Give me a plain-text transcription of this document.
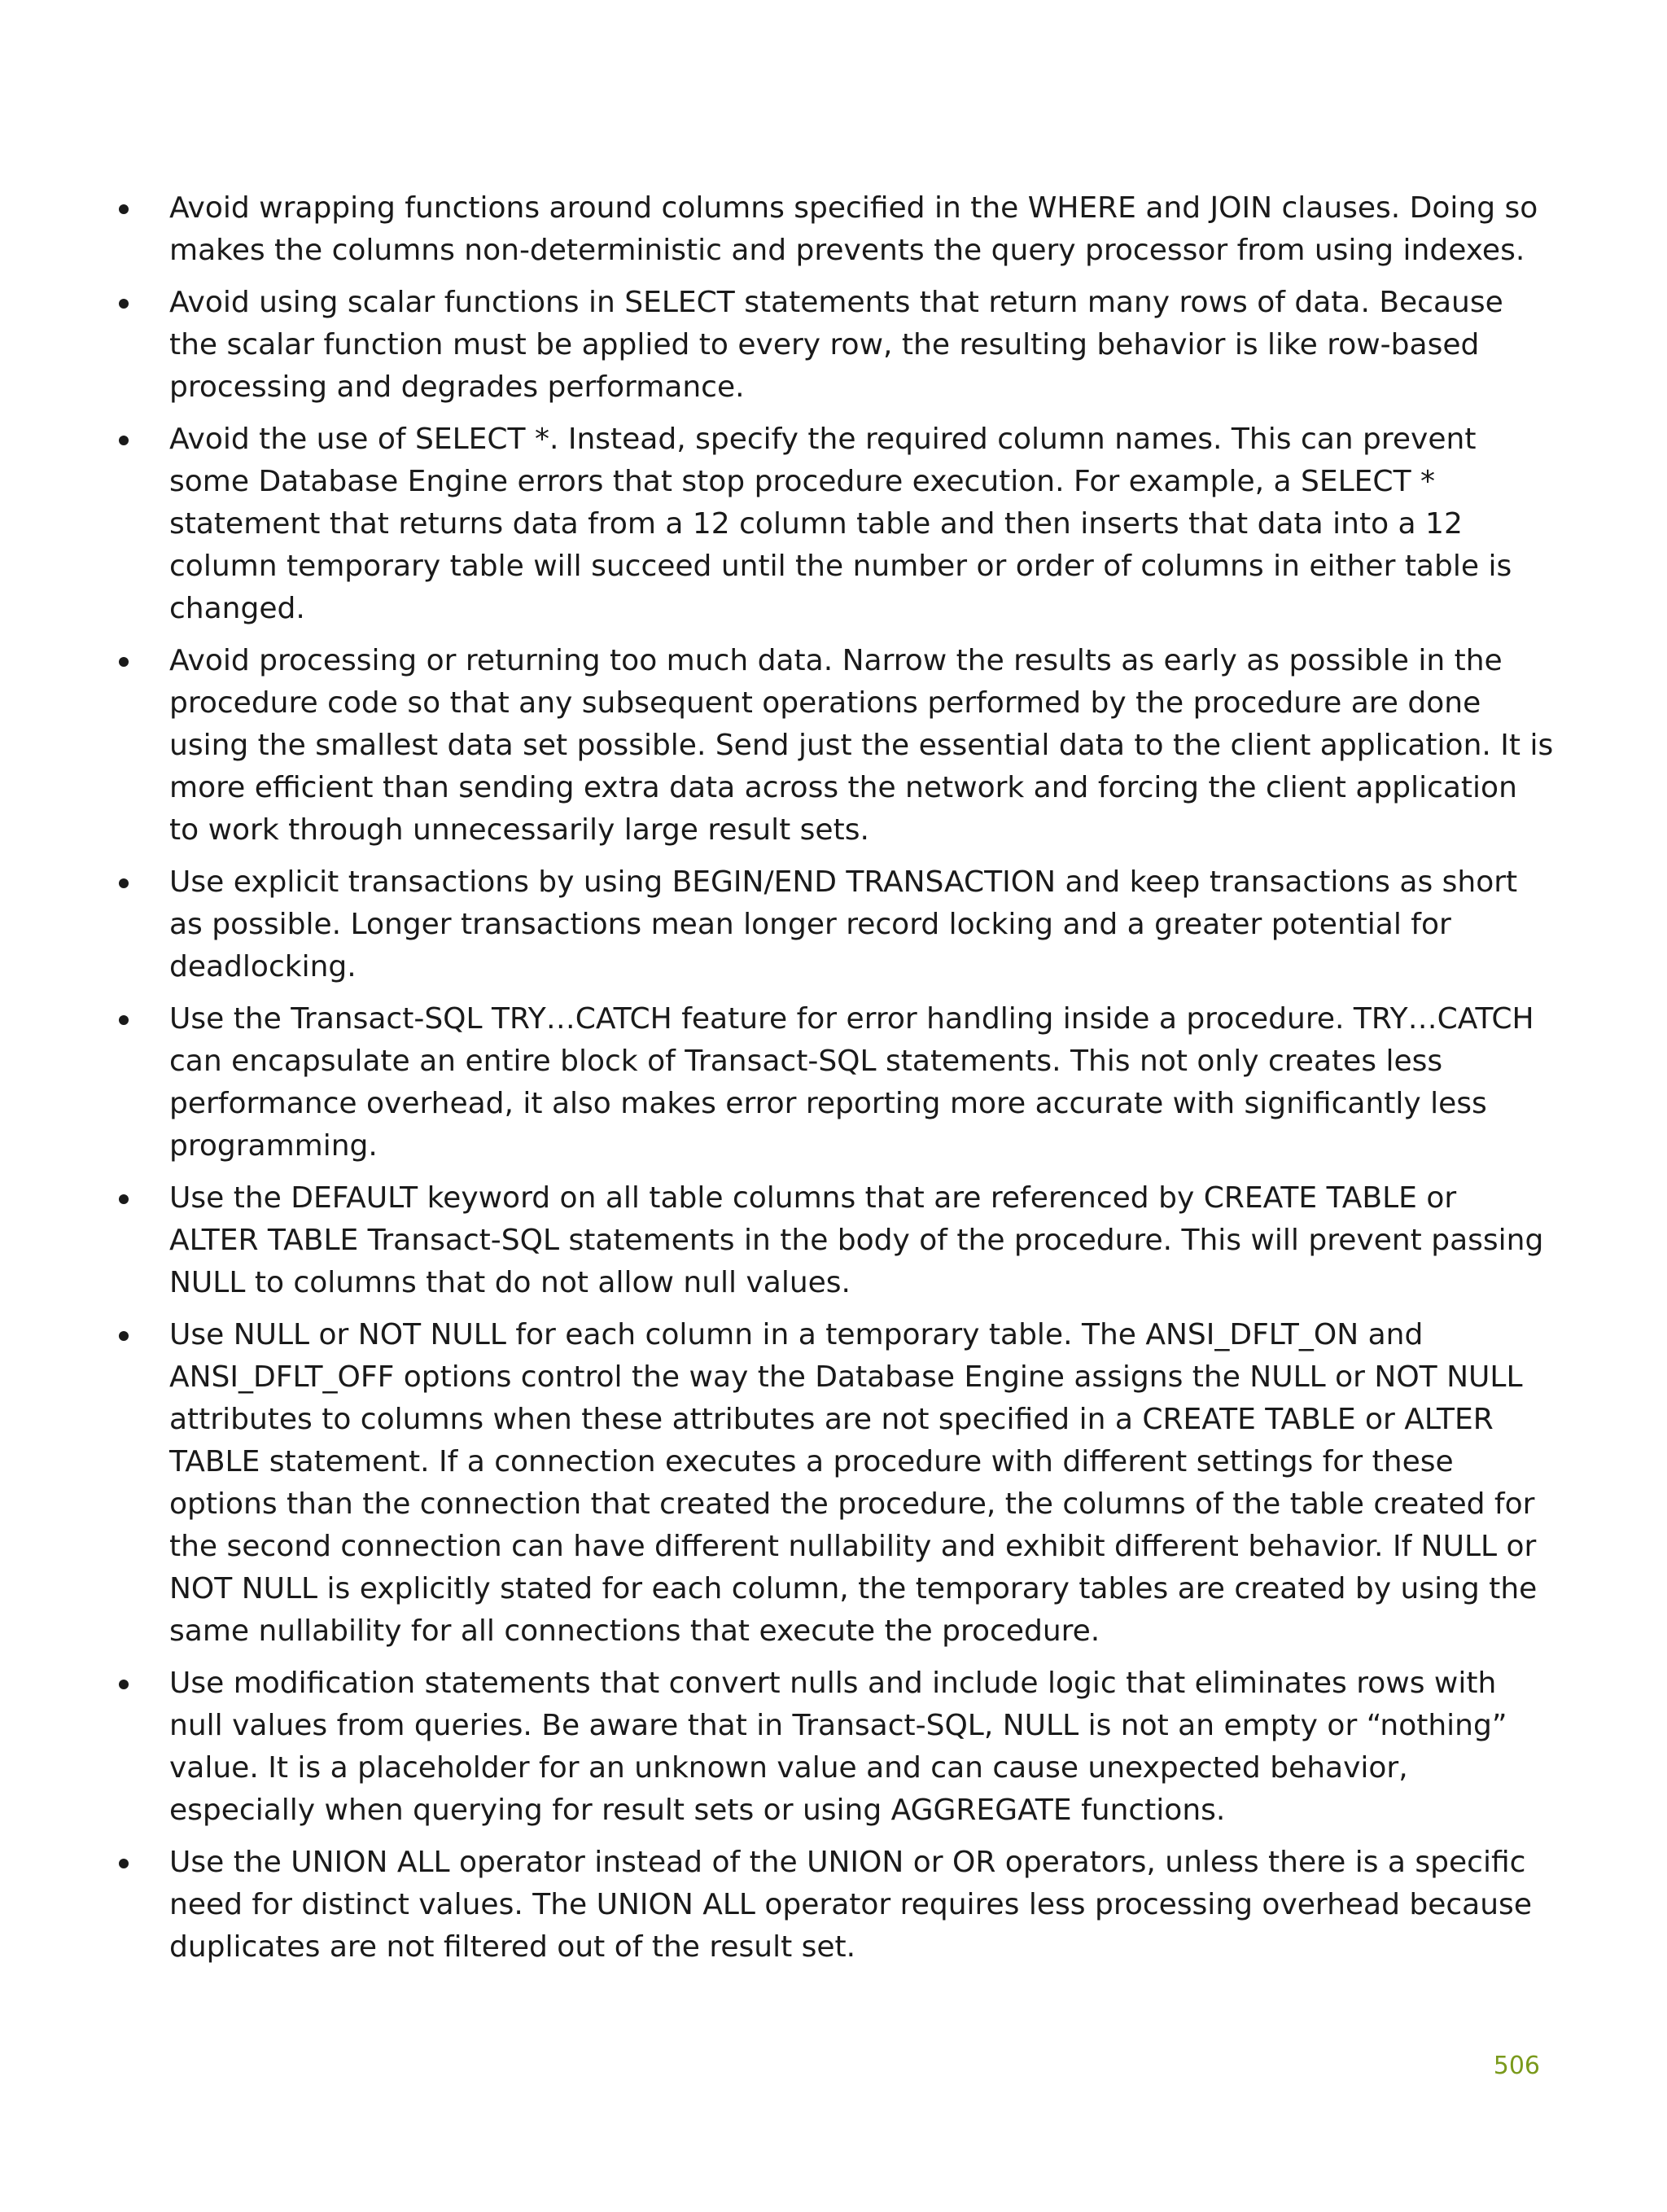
Avoid wrapping functions around columns specified in the WHERE and JOIN clauses. Doing so makes the columns non-deterministic and prevents the query processor from using indexes.
Avoid using scalar functions in SELECT statements that return many rows of data. Because the scalar function must be applied to every row, the resulting behavior is like row-based processing and degrades performance.
Avoid the use of SELECT *. Instead, specify the required column names. This can prevent some Database Engine errors that stop procedure execution. For example, a SELECT * statement that returns data from a 12 column table and then inserts that data into a 12 column temporary table will succeed until the number or order of columns in either table is changed.
Avoid processing or returning too much data. Narrow the results as early as possible in the procedure code so that any subsequent operations performed by the procedure are done using the smallest data set possible. Send just the essential data to the client application. It is more efficient than sending extra data across the network and forcing the client application to work through unnecessarily large result sets.
Use explicit transactions by using BEGIN/END TRANSACTION and keep transactions as short as possible. Longer transactions mean longer record locking and a greater potential for deadlocking.
Use the Transact-SQL TRY…CATCH feature for error handling inside a procedure. TRY…CATCH can encapsulate an entire block of Transact-SQL statements. This not only creates less performance overhead, it also makes error reporting more accurate with significantly less programming.
Use the DEFAULT keyword on all table columns that are referenced by CREATE TABLE or ALTER TABLE Transact-SQL statements in the body of the procedure. This will prevent passing NULL to columns that do not allow null values.
Use NULL or NOT NULL for each column in a temporary table. The ANSI_DFLT_ON and ANSI_DFLT_OFF options control the way the Database Engine assigns the NULL or NOT NULL attributes to columns when these attributes are not specified in a CREATE TABLE or ALTER TABLE statement. If a connection executes a procedure with different settings for these options than the connection that created the procedure, the columns of the table created for the second connection can have different nullability and exhibit different behavior. If NULL or NOT NULL is explicitly stated for each column, the temporary tables are created by using the same nullability for all connections that execute the procedure.
Use modification statements that convert nulls and include logic that eliminates rows with null values from queries. Be aware that in Transact-SQL, NULL is not an empty or “nothing” value. It is a placeholder for an unknown value and can cause unexpected behavior, especially when querying for result sets or using AGGREGATE functions.
Use the UNION ALL operator instead of the UNION or OR operators, unless there is a specific need for distinct values. The UNION ALL operator requires less processing overhead because duplicates are not filtered out of the result set.
506
